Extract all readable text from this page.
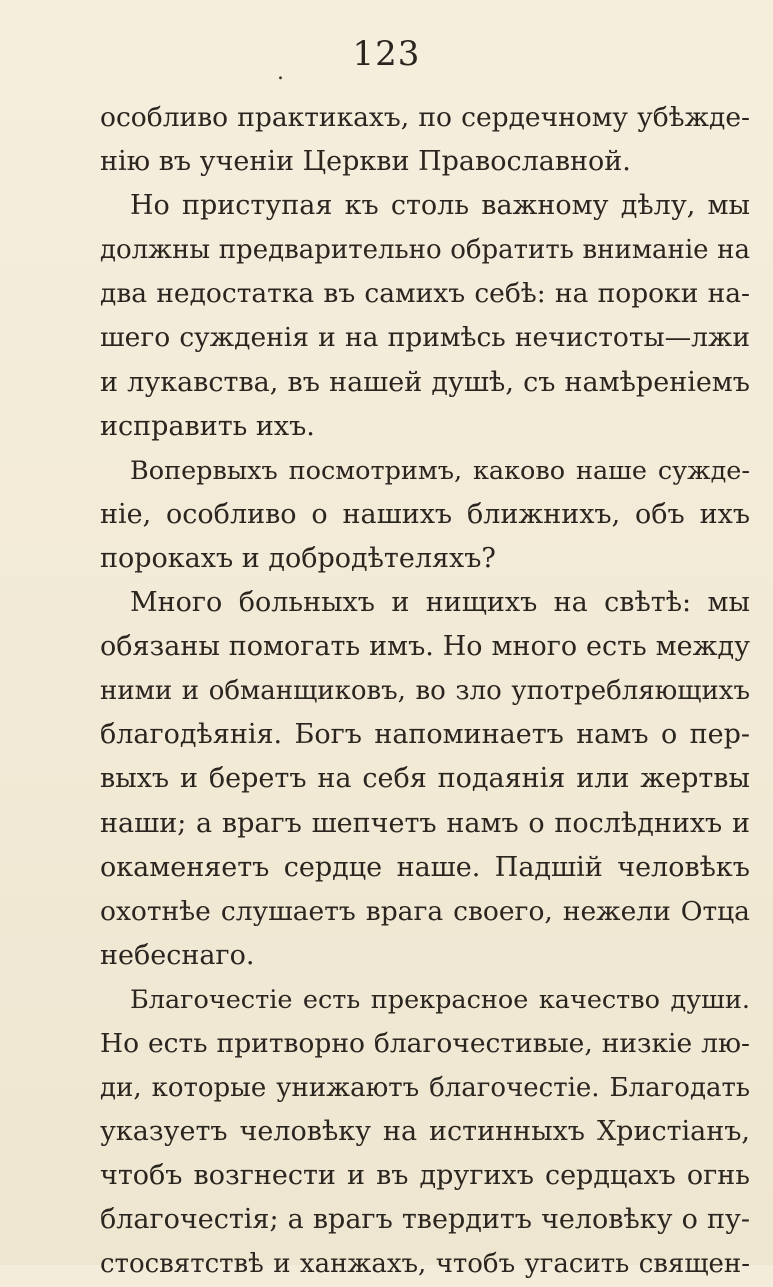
.	123
особливо практикахъ, по сердечному убѣжде-
нію въ ученіи Церкви Православной.
Но приступая къ столь важному дѣлу, мы
должны предварительно обратить вниманіе на
два недостатка въ самихъ себѣ: на пороки на-
шего сужденія и на примѣсь нечистоты—лжи
и лукавства, въ нашей душѣ, съ намѣреніемъ
исправить ихъ.
Вопервыхъ посмотримъ, каково наше сужде-
ніе, особливо о нашихъ ближнихъ, объ ихъ
порокахъ и добродѣтеляхъ?
Много больныхъ и нищихъ на свѣтѣ: мы
обязаны помогать имъ. Но много есть между
ними и обманщиковъ, во зло употребляющихъ
благодѣянія. Богъ напоминаетъ намъ о пер-
выхъ и беретъ на себя подаянія или жертвы
наши; а врагъ шепчетъ намъ о послѣднихъ и
окаменяетъ сердце наше. Падшій человѣкъ
охотнѣе слушаетъ врага своего, нежели Отца
небеснаго.
Благочестіе есть прекрасное качество души.
Но есть притворно благочестивые, низкіе лю-
ди, которые унижаютъ благочестіе. Благодать
указуетъ человѣку на истинныхъ Христіанъ,
чтобъ возгнести и въ другихъ сердцахъ огнь
благочестія; а врагъ твердитъ человѣку о пу-
стосвятствѣ и ханжахъ, чтобъ угасить священ-
